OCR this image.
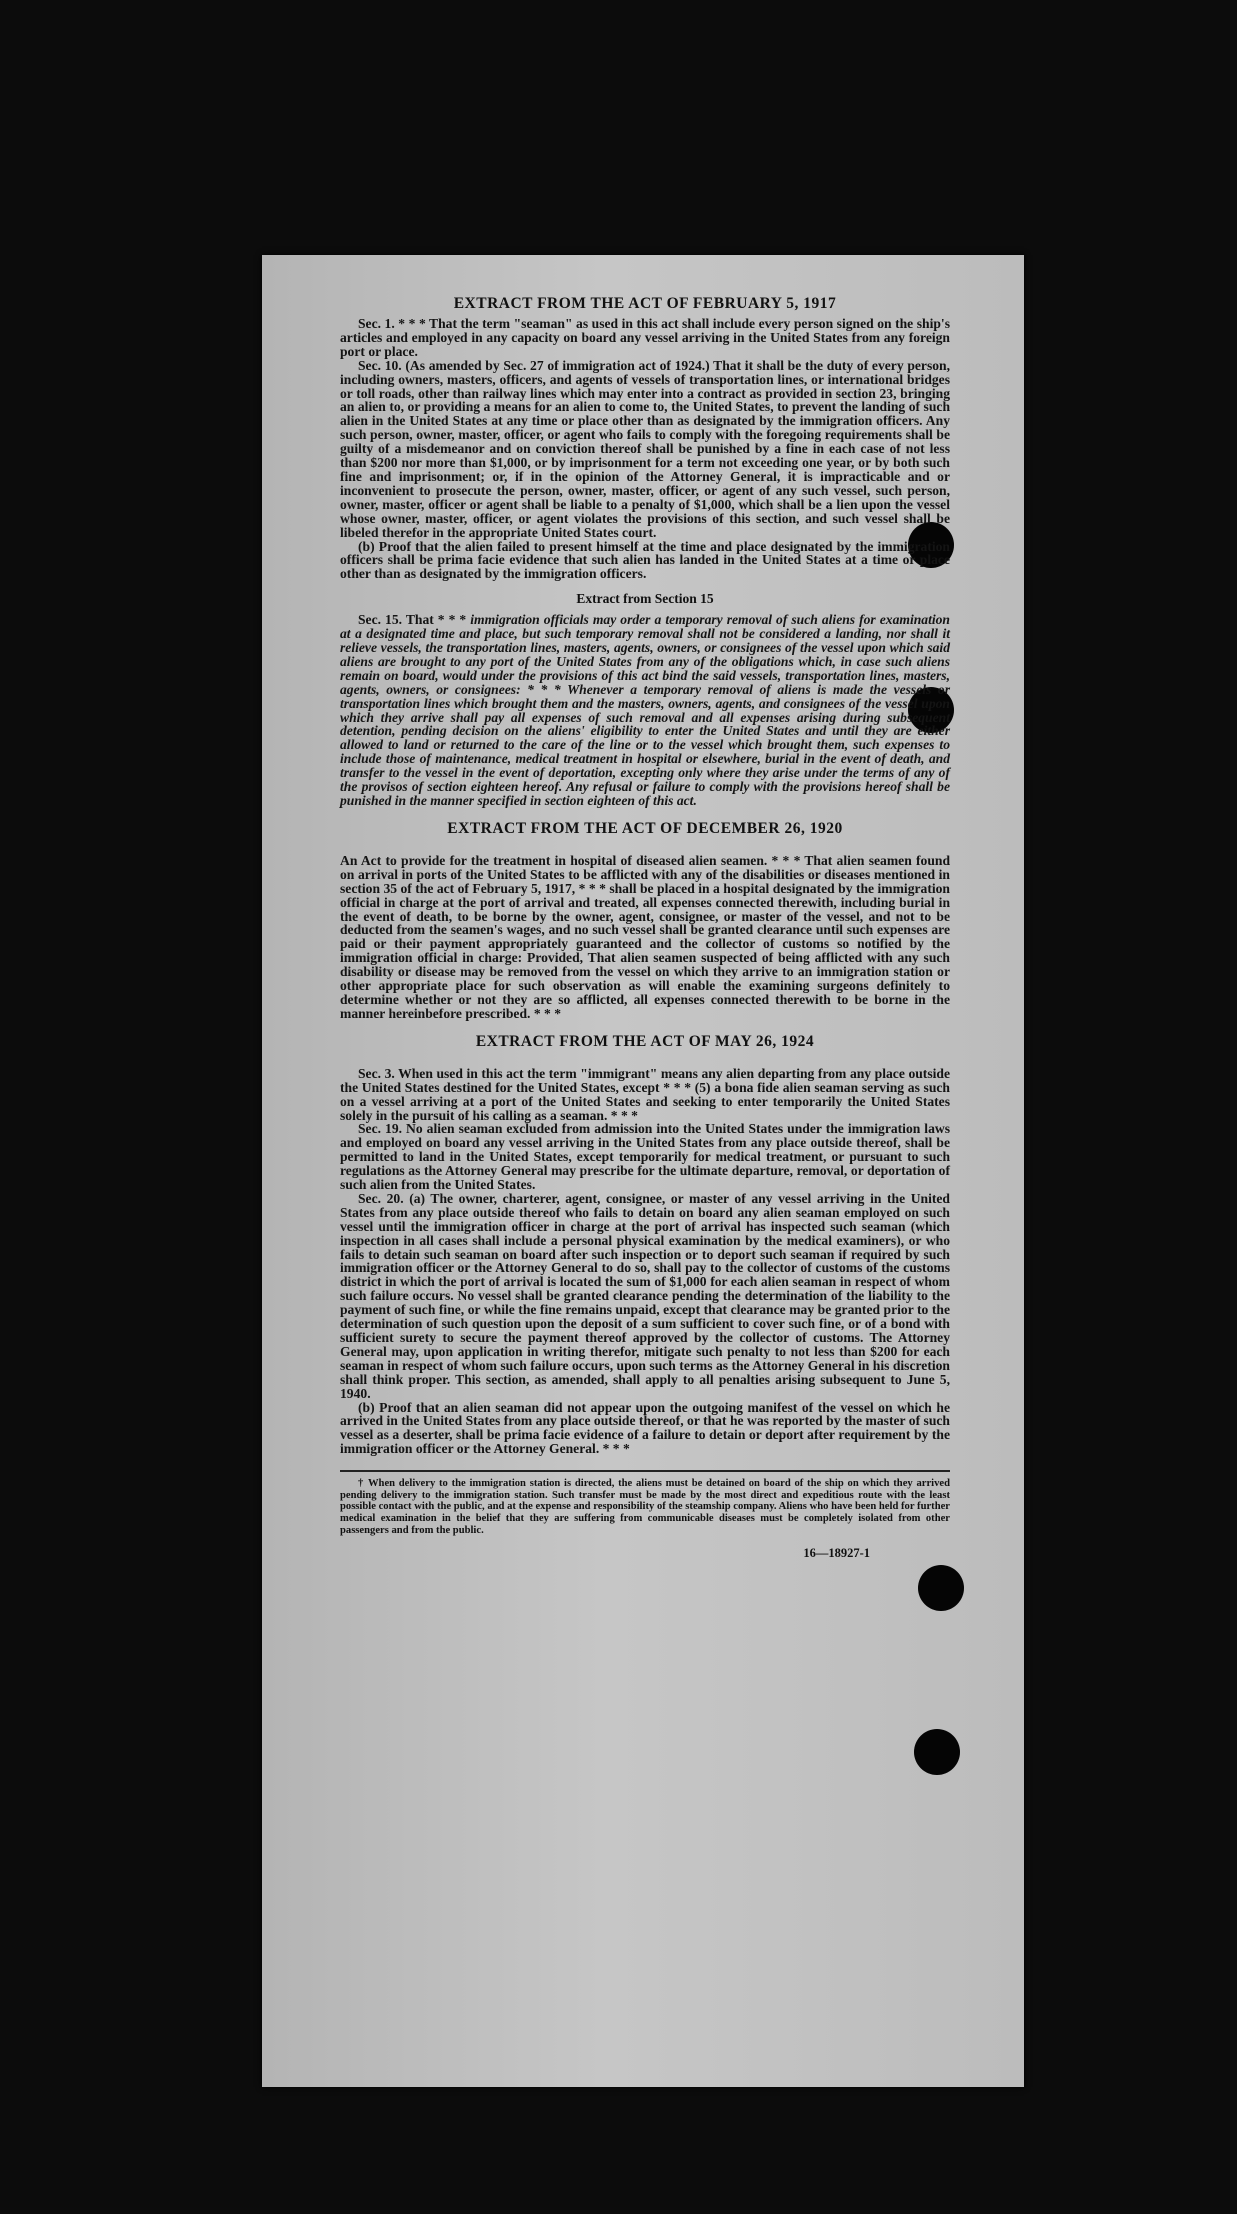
EXTRACT FROM THE ACT OF FEBRUARY 5, 1917

Sec. 1. * * * That the term "seaman" as used in this act shall include every person signed on the ship's articles and employed in any capacity on board any vessel arriving in the United States from any foreign port or place.

Sec. 10. (As amended by Sec. 27 of immigration act of 1924.) That it shall be the duty of every person, including owners, masters, officers, and agents of vessels of transportation lines, or international bridges or toll roads, other than railway lines which may enter into a contract as provided in section 23, bringing an alien to, or providing a means for an alien to come to, the United States, to prevent the landing of such alien in the United States at any time or place other than as designated by the immigration officers. Any such person, owner, master, officer, or agent who fails to comply with the foregoing requirements shall be guilty of a misdemeanor and on conviction thereof shall be punished by a fine in each case of not less than $200 nor more than $1,000, or by imprisonment for a term not exceeding one year, or by both such fine and imprisonment; or, if in the opinion of the Attorney General, it is impracticable and or inconvenient to prosecute the person, owner, master, officer, or agent of any such vessel, such person, owner, master, officer or agent shall be liable to a penalty of $1,000, which shall be a lien upon the vessel whose owner, master, officer, or agent violates the provisions of this section, and such vessel shall be libeled therefor in the appropriate United States court.

(b) Proof that the alien failed to present himself at the time and place designated by the immigration officers shall be prima facie evidence that such alien has landed in the United States at a time or place other than as designated by the immigration officers.

Extract from Section 15

Sec. 15. That * * * immigration officials may order a temporary removal of such aliens for examination at a designated time and place, but such temporary removal shall not be considered a landing, nor shall it relieve vessels, the transportation lines, masters, agents, owners, or consignees of the vessel upon which said aliens are brought to any port of the United States from any of the obligations which, in case such aliens remain on board, would under the provisions of this act bind the said vessels, transportation lines, masters, agents, owners, or consignees: * * * Whenever a temporary removal of aliens is made the vessels or transportation lines which brought them and the masters, owners, agents, and consignees of the vessel upon which they arrive shall pay all expenses of such removal and all expenses arising during subsequent detention, pending decision on the aliens' eligibility to enter the United States and until they are either allowed to land or returned to the care of the line or to the vessel which brought them, such expenses to include those of maintenance, medical treatment in hospital or elsewhere, burial in the event of death, and transfer to the vessel in the event of deportation, excepting only where they arise under the terms of any of the provisos of section eighteen hereof. Any refusal or failure to comply with the provisions hereof shall be punished in the manner specified in section eighteen of this act.

EXTRACT FROM THE ACT OF DECEMBER 26, 1920

An Act to provide for the treatment in hospital of diseased alien seamen. * * * That alien seamen found on arrival in ports of the United States to be afflicted with any of the disabilities or diseases mentioned in section 35 of the act of February 5, 1917, * * * shall be placed in a hospital designated by the immigration official in charge at the port of arrival and treated, all expenses connected therewith, including burial in the event of death, to be borne by the owner, agent, consignee, or master of the vessel, and not to be deducted from the seamen's wages, and no such vessel shall be granted clearance until such expenses are paid or their payment appropriately guaranteed and the collector of customs so notified by the immigration official in charge: Provided, That alien seamen suspected of being afflicted with any such disability or disease may be removed from the vessel on which they arrive to an immigration station or other appropriate place for such observation as will enable the examining surgeons definitely to determine whether or not they are so afflicted, all expenses connected therewith to be borne in the manner hereinbefore prescribed. * * *

EXTRACT FROM THE ACT OF MAY 26, 1924

Sec. 3. When used in this act the term "immigrant" means any alien departing from any place outside the United States destined for the United States, except * * * (5) a bona fide alien seaman serving as such on a vessel arriving at a port of the United States and seeking to enter temporarily the United States solely in the pursuit of his calling as a seaman. * * *

Sec. 19. No alien seaman excluded from admission into the United States under the immigration laws and employed on board any vessel arriving in the United States from any place outside thereof, shall be permitted to land in the United States, except temporarily for medical treatment, or pursuant to such regulations as the Attorney General may prescribe for the ultimate departure, removal, or deportation of such alien from the United States.

Sec. 20. (a) The owner, charterer, agent, consignee, or master of any vessel arriving in the United States from any place outside thereof who fails to detain on board any alien seaman employed on such vessel until the immigration officer in charge at the port of arrival has inspected such seaman (which inspection in all cases shall include a personal physical examination by the medical examiners), or who fails to detain such seaman on board after such inspection or to deport such seaman if required by such immigration officer or the Attorney General to do so, shall pay to the collector of customs of the customs district in which the port of arrival is located the sum of $1,000 for each alien seaman in respect of whom such failure occurs. No vessel shall be granted clearance pending the determination of the liability to the payment of such fine, or while the fine remains unpaid, except that clearance may be granted prior to the determination of such question upon the deposit of a sum sufficient to cover such fine, or of a bond with sufficient surety to secure the payment thereof approved by the collector of customs. The Attorney General may, upon application in writing therefor, mitigate such penalty to not less than $200 for each seaman in respect of whom such failure occurs, upon such terms as the Attorney General in his discretion shall think proper. This section, as amended, shall apply to all penalties arising subsequent to June 5, 1940.

(b) Proof that an alien seaman did not appear upon the outgoing manifest of the vessel on which he arrived in the United States from any place outside thereof, or that he was reported by the master of such vessel as a deserter, shall be prima facie evidence of a failure to detain or deport after requirement by the immigration officer or the Attorney General. * * *

† When delivery to the immigration station is directed, the aliens must be detained on board of the ship on which they arrived pending delivery to the immigration station. Such transfer must be made by the most direct and expeditious route with the least possible contact with the public, and at the expense and responsibility of the steamship company. Aliens who have been held for further medical examination in the belief that they are suffering from communicable diseases must be completely isolated from other passengers and from the public.

16—18927-1
